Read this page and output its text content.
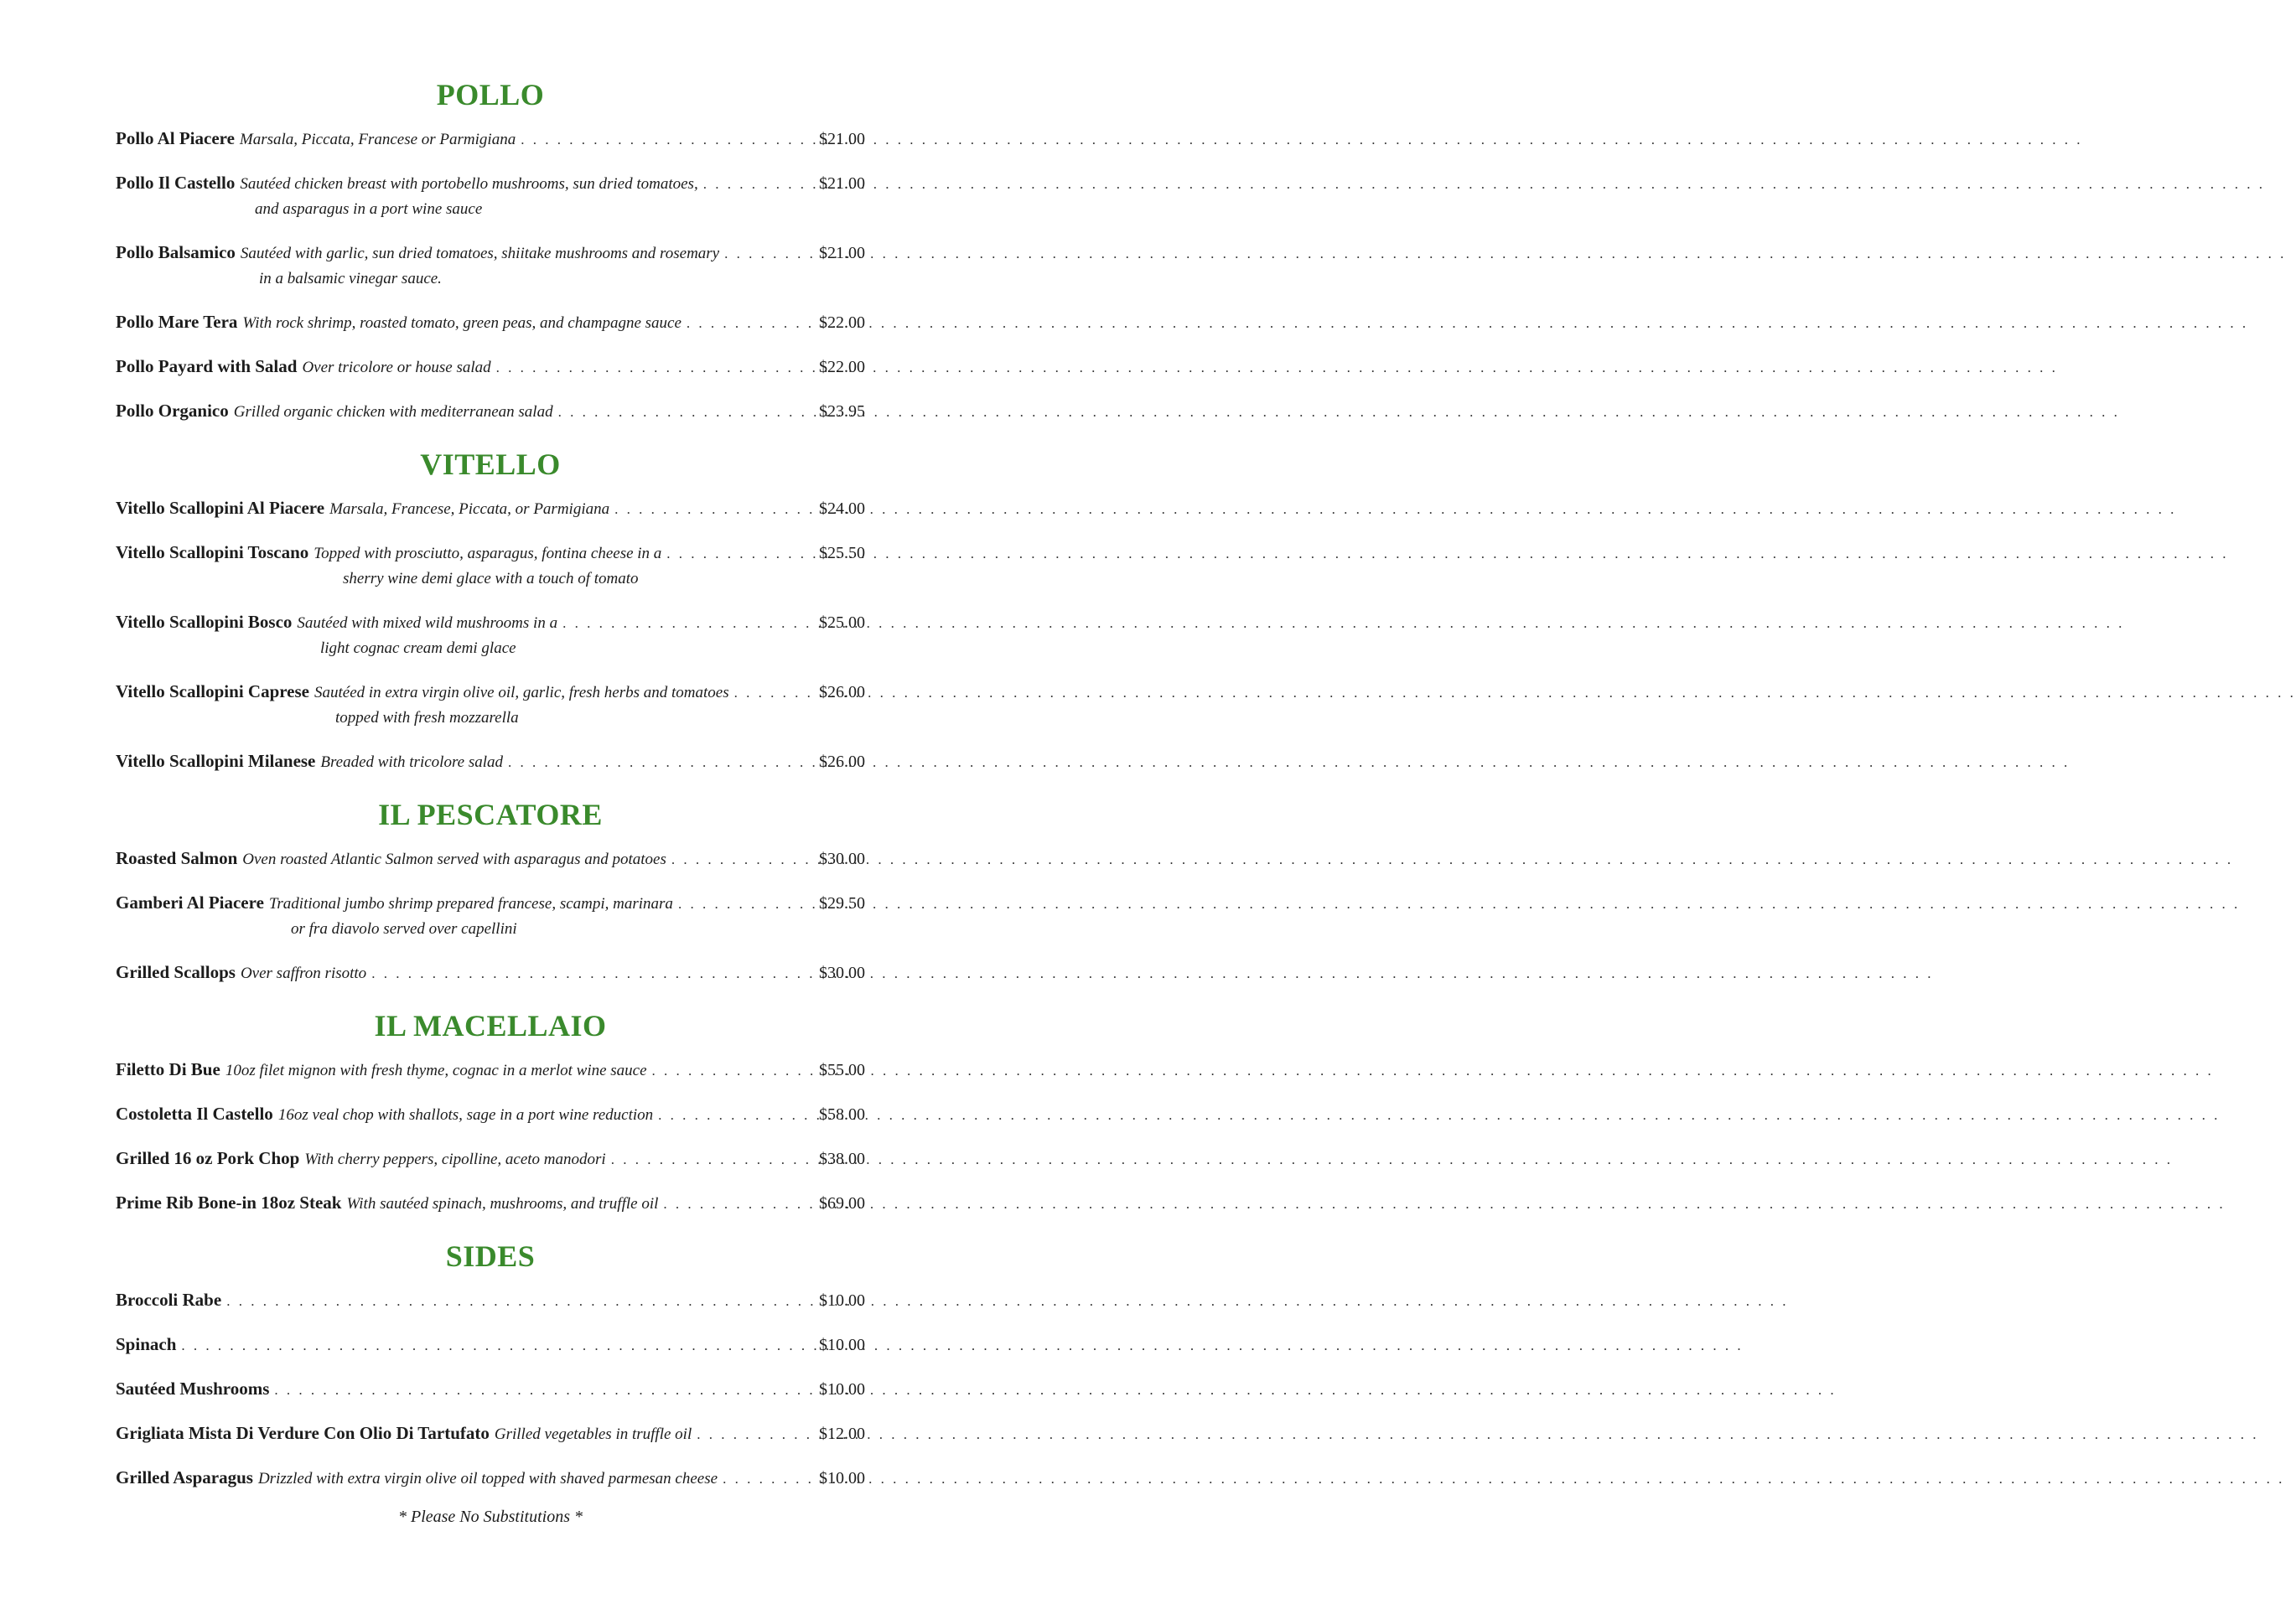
POLLO
Pollo Al Piacere Marsala, Piccata, Francese or Parmigiana . . .	$21.00
Pollo Il Castello Sautéed chicken breast with portobello mushrooms, sun dried tomatoes, . . .	$21.00
and asparagus in a port wine sauce
Pollo Balsamico Sautéed with garlic, sun dried tomatoes, shiitake mushrooms and rosemary . . .	$21.00
in a balsamic vinegar sauce.
Pollo Mare Tera With rock shrimp, roasted tomato, green peas, and champagne sauce . . .	$22.00
Pollo Payard with Salad Over tricolore or house salad . . .	$22.00
Pollo Organico Grilled organic chicken with mediterranean salad . . .	$23.95
VITELLO
Vitello Scallopini Al Piacere Marsala, Francese, Piccata, or Parmigiana . . .	$24.00
Vitello Scallopini Toscano Topped with prosciutto, asparagus, fontina cheese in a . . .	$25.50
sherry wine demi glace with a touch of tomato
Vitello Scallopini Bosco Sautéed with mixed wild mushrooms in a . . .	$25.00
light cognac cream demi glace
Vitello Scallopini Caprese Sautéed in extra virgin olive oil, garlic, fresh herbs and tomatoes . . .	$26.00
topped with fresh mozzarella
Vitello Scallopini Milanese Breaded with tricolore salad . . .	$26.00
IL PESCATORE
Roasted Salmon Oven roasted Atlantic Salmon served with asparagus and potatoes . . .	$30.00
Gamberi Al Piacere Traditional jumbo shrimp prepared francese, scampi, marinara . . .	$29.50
or fra diavolo served over capellini
Grilled Scallops Over saffron risotto . . .	$30.00
IL MACELLAIO
Filetto Di Bue 10oz filet mignon with fresh thyme, cognac in a merlot wine sauce . . .	$55.00
Costoletta Il Castello 16oz veal chop with shallots, sage in a port wine reduction . . .	$58.00
Grilled 16 oz Pork Chop With cherry peppers, cipolline, aceto manodori . . .	$38.00
Prime Rib Bone-in 18oz Steak With sautéed spinach, mushrooms, and truffle oil . . .	$69.00
SIDES
Broccoli Rabe . . .	$10.00
Spinach . . .	$10.00
Sautéed Mushrooms . . .	$10.00
Grigliata Mista Di Verdure Con Olio Di Tartufato Grilled vegetables in truffle oil . . .	$12.00
Grilled Asparagus Drizzled with extra virgin olive oil topped with shaved parmesan cheese . . .	$10.00
* Please No Substitutions *
